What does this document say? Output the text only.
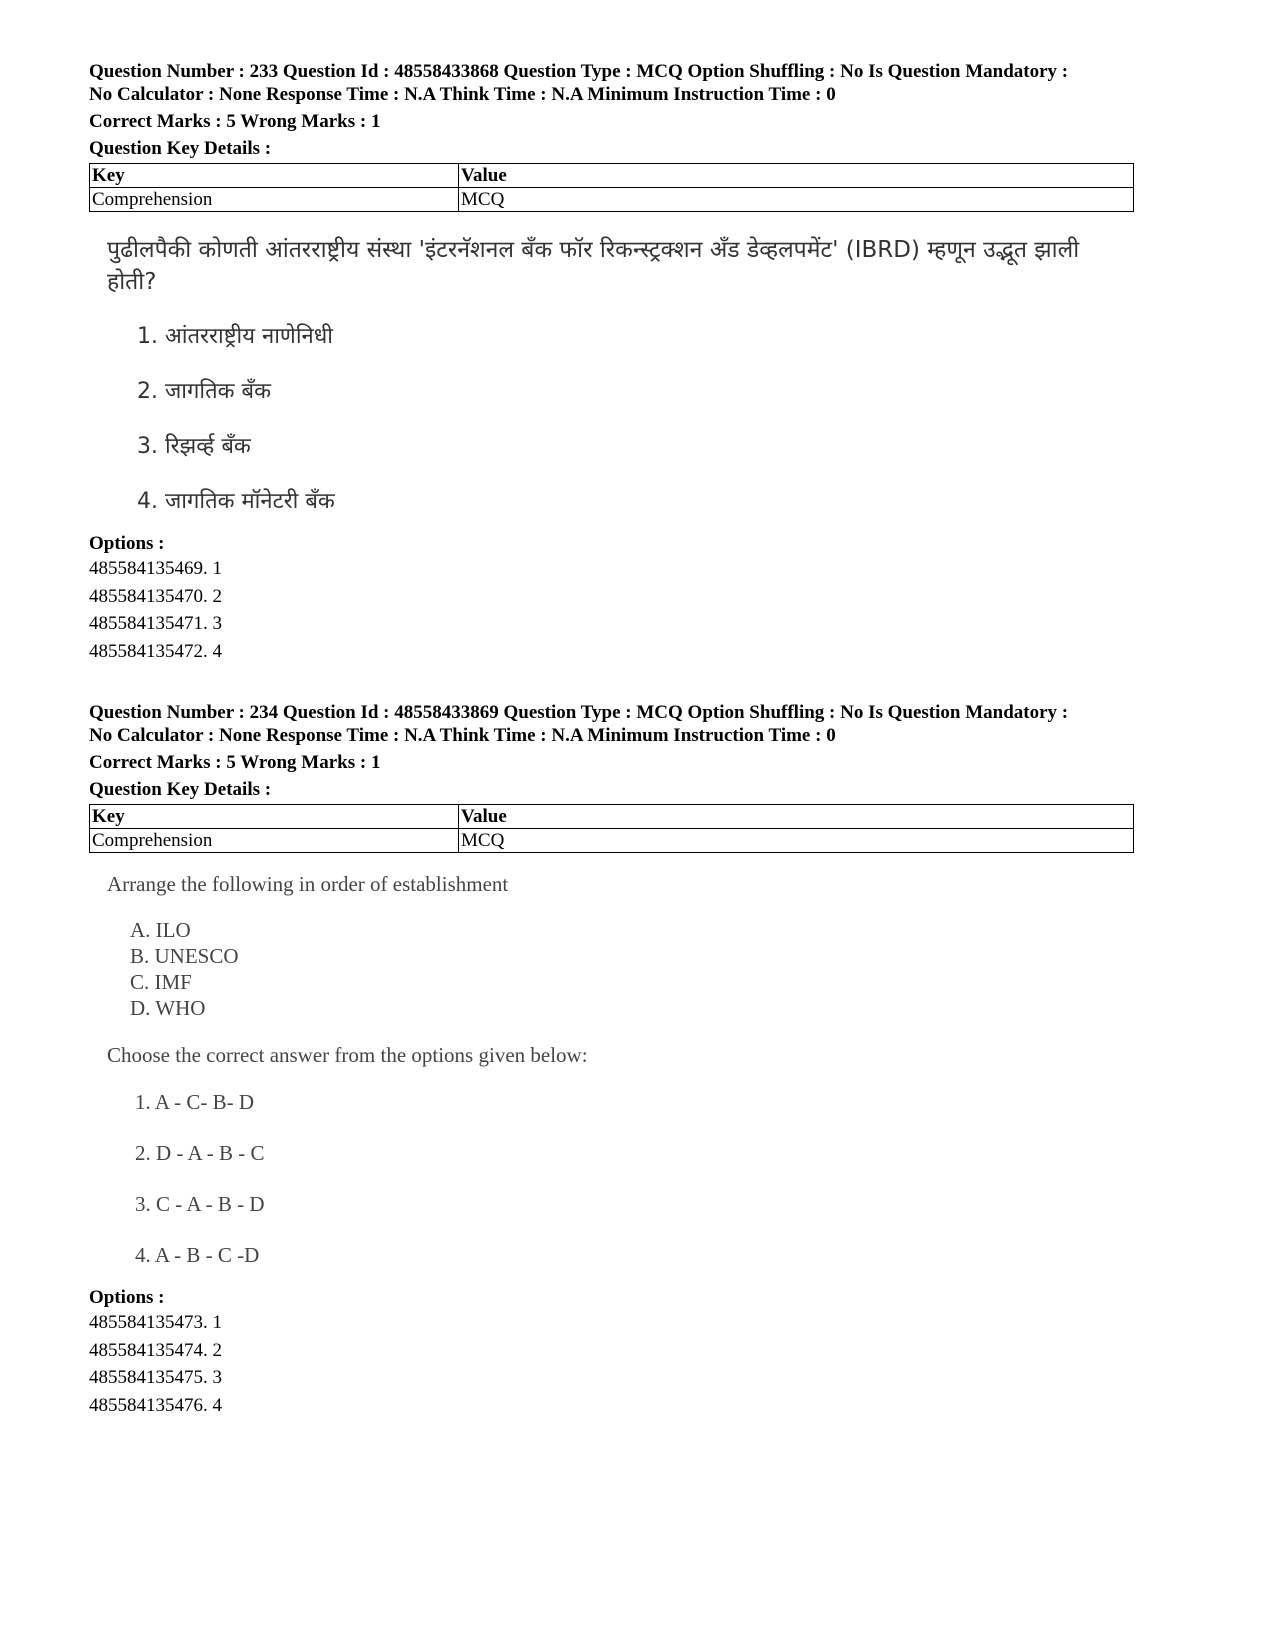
Question Number : 233 Question Id : 48558433868 Question Type : MCQ Option Shuffling : No Is Question Mandatory :

No Calculator : None Response Time : N.A Think Time : N.A Minimum Instruction Time : 0

Correct Marks : 5 Wrong Marks : 1

Question Key Details :

Key	Value
Comprehension	MCQ
पुढीलपैकी कोणती आंतरराष्ट्रीय संस्था 'इंटरनॅशनल बँक फॉर रिकन्स्ट्रक्शन अँड डेव्हलपमेंट' (IBRD) म्हणून उद्भूत झाली होती?
1. आंतरराष्ट्रीय नाणेनिधी
2. जागतिक बँक
3. रिझर्व्ह बँक
4. जागतिक मॉनेटरी बँक
Options :
485584135469. 1
485584135470. 2
485584135471. 3
485584135472. 4

Question Number : 234 Question Id : 48558433869 Question Type : MCQ Option Shuffling : No Is Question Mandatory :

No Calculator : None Response Time : N.A Think Time : N.A Minimum Instruction Time : 0

Correct Marks : 5 Wrong Marks : 1

Question Key Details :

Key	Value
Comprehension	MCQ
Arrange the following in order of establishment
A. ILO
B. UNESCO
C. IMF
D. WHO
Choose the correct answer from the options given below:
1. A - C- B- D
2. D - A - B - C
3. C - A - B - D
4. A - B - C -D
Options :
485584135473. 1
485584135474. 2
485584135475. 3
485584135476. 4
